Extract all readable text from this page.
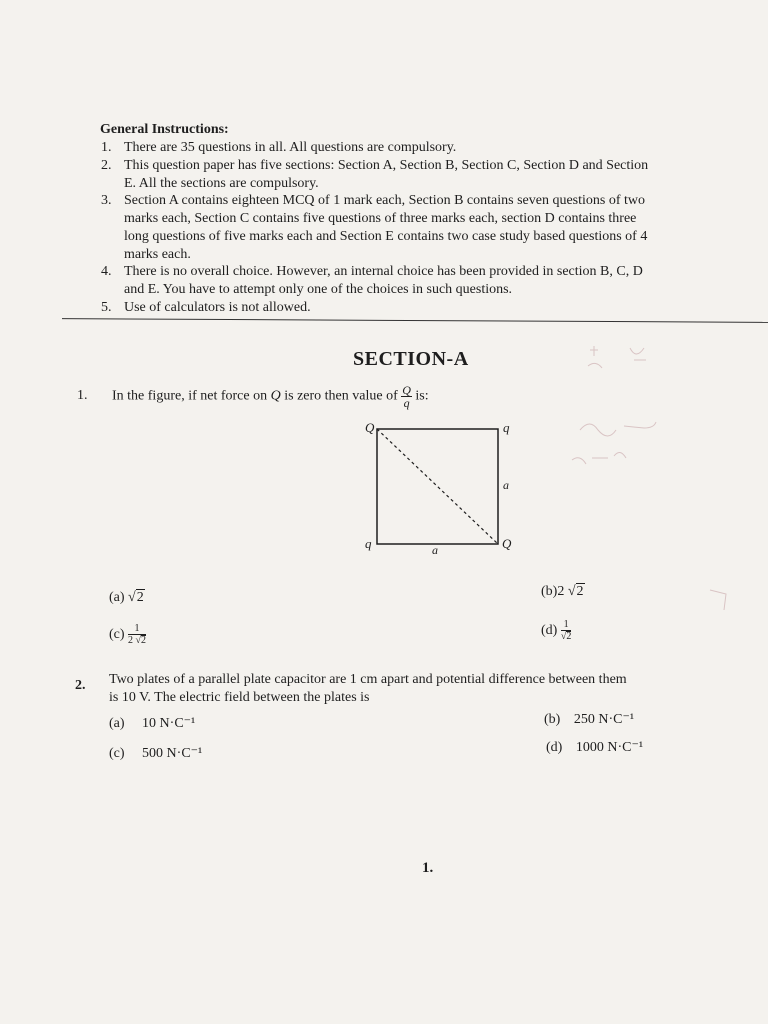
General Instructions:
1. There are 35 questions in all. All questions are compulsory.
2. This question paper has five sections: Section A, Section B, Section C, Section D and Section
E. All the sections are compulsory.
3. Section A contains eighteen MCQ of 1 mark each, Section B contains seven questions of two
marks each, Section C contains five questions of three marks each, section D contains three
long questions of five marks each and Section E contains two case study based questions of 4
marks each.
4. There is no overall choice. However, an internal choice has been provided in section B, C, D
and E. You have to attempt only one of the choices in such questions.
5. Use of calculators is not allowed.
SECTION-A
1. In the figure, if net force on Q is zero then value of $\frac{Q}{q}$ is:
Q	q
q	Q
a
a
(a) √2	(b)2 √2
$(c) \frac{1}{2 √2}$	$(d) \frac{1}{√2}$
2. Two plates of a parallel plate capacitor are 1 cm apart and potential difference between them
is 10 V. The electric field between the plates is
(a) 10 N·C⁻¹	(b) 250 N·C⁻¹
(c) 500 N·C⁻¹	(d) 1000 N·C⁻¹
1.
